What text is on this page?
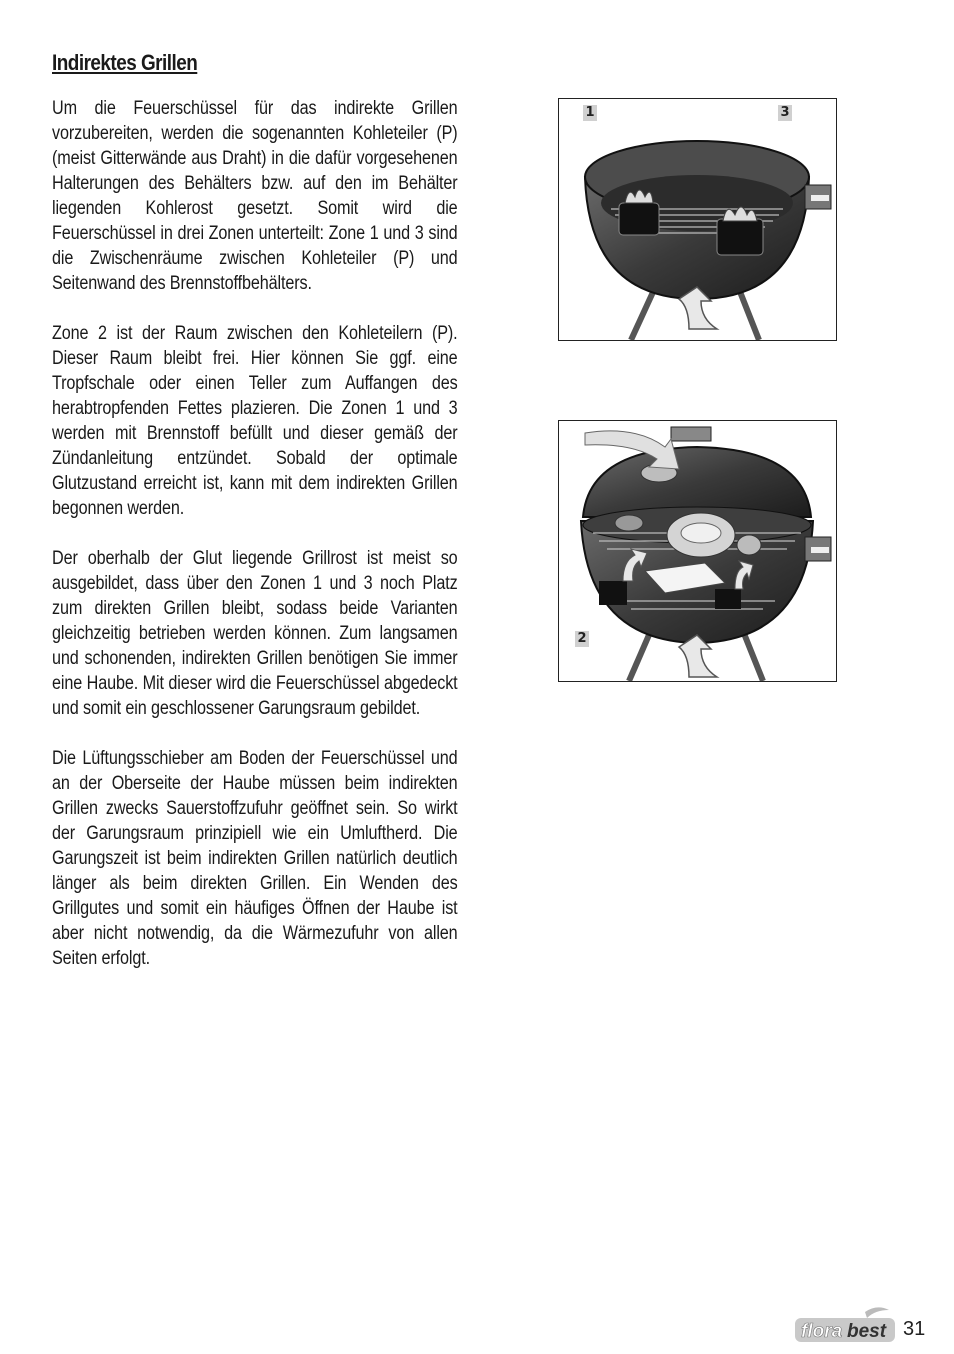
Indirektes Grillen

Um die Feuerschüssel für das indirekte Grillen vorzubereiten, werden die sogenannten Kohleteiler (P) (meist Gitterwände aus Draht) in die dafür vorgesehenen Halterungen des Behälters bzw. auf den im Behälter liegenden Kohlerost gesetzt. Somit wird die Feuerschüssel in drei Zonen unterteilt: Zone 1 und 3 sind die Zwischenräume zwischen Kohleteiler (P) und Seitenwand des Brennstoffbehälters.

Zone 2 ist der Raum zwischen den Kohleteilern (P). Dieser Raum bleibt frei. Hier können Sie ggf. eine Tropfschale oder einen Teller zum Auffangen des herabtropfenden Fettes plazieren. Die Zonen 1 und 3 werden mit Brennstoff befüllt und dieser gemäß der Zündanleitung entzündet. Sobald der optimale Glutzustand erreicht ist, kann mit dem indirekten Grillen begonnen werden.

Der oberhalb der Glut liegende Grillrost ist meist so ausgebildet, dass über den Zonen 1 und 3 noch Platz zum direkten Grillen bleibt, sodass beide Varianten gleichzeitig betrieben werden können. Zum langsamen und schonenden, indirekten Grillen benötigen Sie immer eine Haube. Mit dieser wird die Feuerschüssel abgedeckt und somit ein geschlossener Garungsraum gebildet.

Die Lüftungsschieber am Boden der Feuerschüssel und an der Oberseite der Haube müssen beim indirekten Grillen zwecks Sauerstoffzufuhr geöffnet sein. So wirkt der Garungsraum prinzipiell wie ein Umluftherd. Die Garungszeit ist beim indirekten Grillen natürlich deutlich länger als beim direkten Grillen. Ein Wenden des Grillgutes und somit ein häufiges Öffnen der Haube ist aber nicht notwendig, da die Wärmezufuhr von allen Seiten erfolgt.

1	3
2
flora best 31
